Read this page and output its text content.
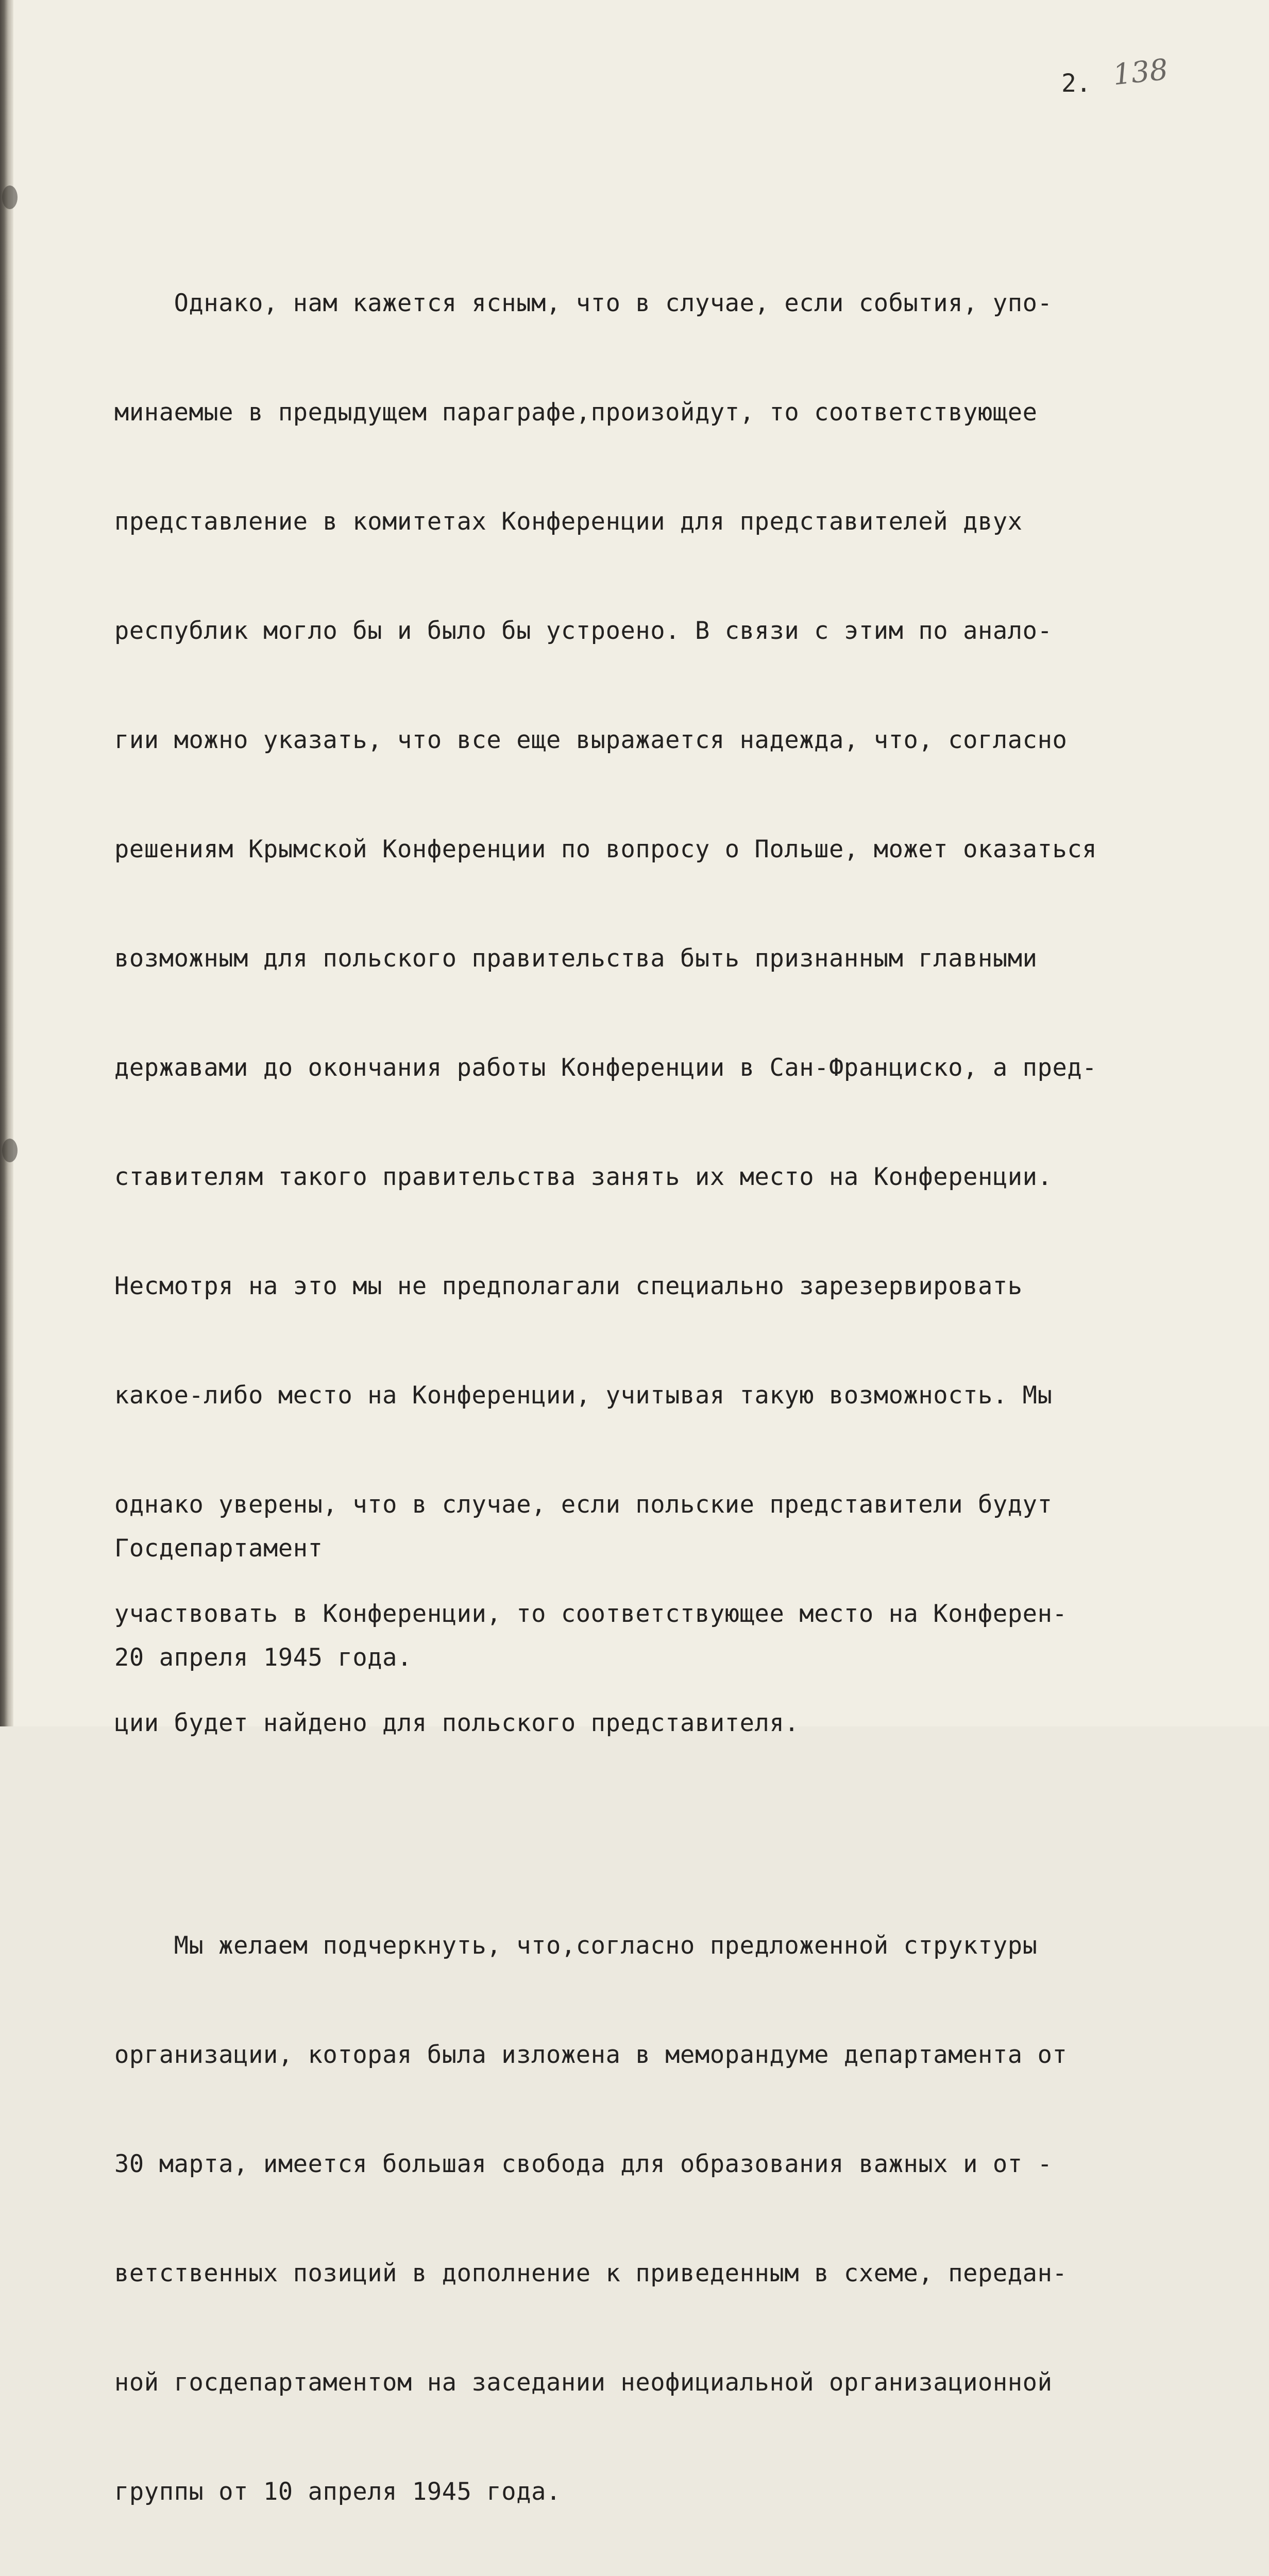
2. 138

Однако, нам кажется ясным, что в случае, если события, упо-

минаемые в предыдущем параграфе,произойдут, то соответствующее

представление в комитетах Конференции для представителей двух

республик могло бы и было бы устроено. В связи с этим по анало-

гии можно указать, что все еще выражается надежда, что, согласно

решениям Крымской Конференции по вопросу о Польше, может оказаться

возможным для польского правительства быть признанным главными

державами до окончания работы Конференции в Сан-Франциско, а пред-

ставителям такого правительства занять их место на Конференции.

Несмотря на это мы не предполагали специально зарезервировать

какое-либо место на Конференции, учитывая такую возможность. Мы

однако уверены, что в случае, если польские представители будут

участвовать в Конференции, то соответствующее место на Конферен-

ции будет найдено для польского представителя.

Мы желаем подчеркнуть, что,согласно предложенной структуры

организации, которая была изложена в меморандуме департамента от

30 марта, имеется большая свобода для образования важных и от -

ветственных позиций в дополнение к приведенным в схеме, передан-

ной госдепартаментом на заседании неофициальной организационной

группы от 10 апреля 1945 года.

Госдепартамент

20 апреля 1945 года.
